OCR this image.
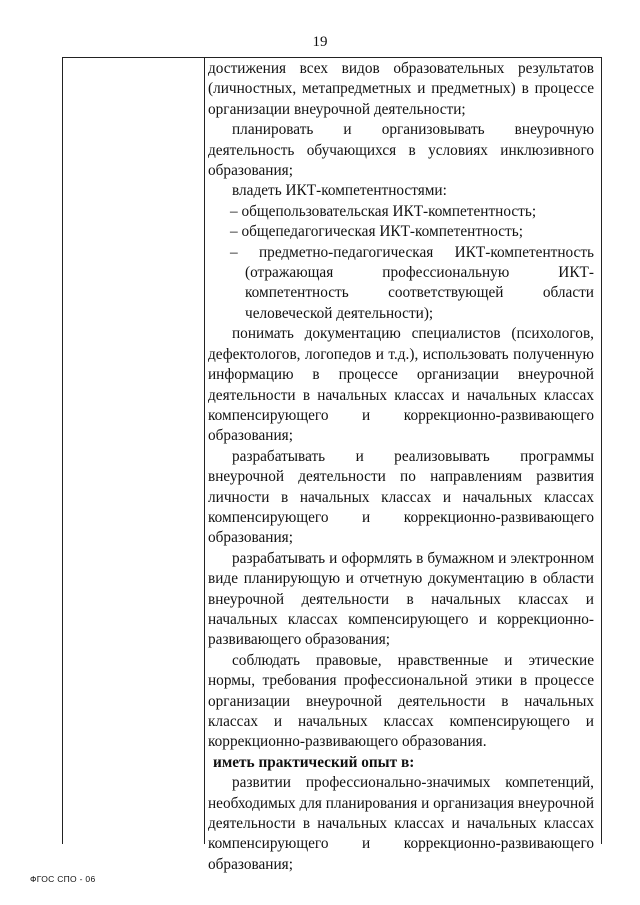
19

достижения всех видов образовательных результатов (личностных, метапредметных и предметных) в процессе организации внеурочной деятельности;

планировать и организовывать внеурочную деятельность обучающихся в условиях инклюзивного образования;

владеть ИКТ-компетентностями:

– общепользовательская ИКТ-компетентность;

– общепедагогическая ИКТ-компетентность;

– предметно-педагогическая ИКТ-компетентность (отражающая профессиональную ИКТ-компетентность соответствующей области человеческой деятельности);

понимать документацию специалистов (психологов, дефектологов, логопедов и т.д.), использовать полученную информацию в процессе организации внеурочной деятельности в начальных классах и начальных классах компенсирующего и коррекционно-развивающего образования;

разрабатывать и реализовывать программы внеурочной деятельности по направлениям развития личности в начальных классах и начальных классах компенсирующего и коррекционно-развивающего образования;

разрабатывать и оформлять в бумажном и электронном виде планирующую и отчетную документацию в области внеурочной деятельности в начальных классах и начальных классах компенсирующего и коррекционно-развивающего образования;

соблюдать правовые, нравственные и этические нормы, требования профессиональной этики в процессе организации внеурочной деятельности в начальных классах и начальных классах компенсирующего и коррекционно-развивающего образования.

иметь практический опыт в:

развитии профессионально-значимых компетенций, необходимых для планирования и организация внеурочной деятельности в начальных классах и начальных классах компенсирующего и коррекционно-развивающего образования;

ФГОС СПО - 06
